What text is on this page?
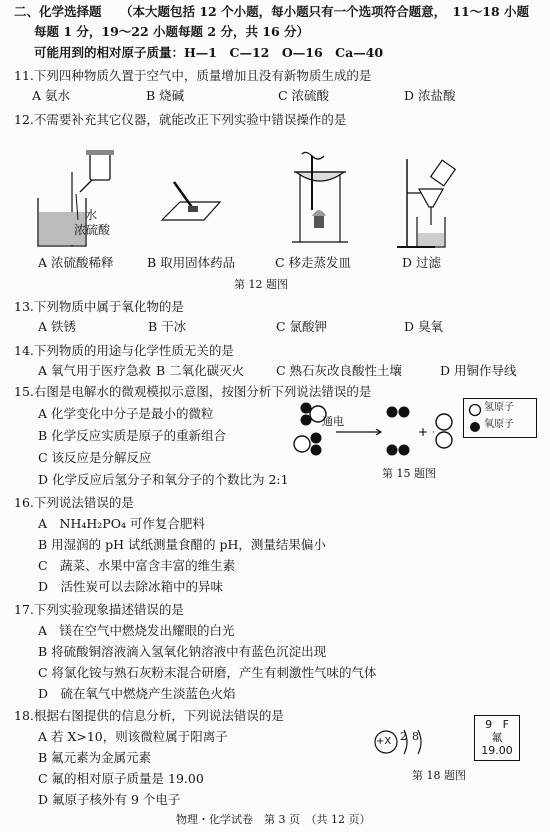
二、化学选择题 （本大题包括 12 个小题，每小题只有一个选项符合题意，　11～18 小题
每题 1 分，19～22 小题每题 2 分，共 16 分）
可能用到的相对原子质量：H—1　C—12　O—16　Ca—40
11.下列四种物质久置于空气中，质量增加且没有新物质生成的是
A 氨水	B 烧碱	C 浓硫酸	D 浓盐酸
12.不需要补充其它仪器，就能改正下列实验中错误操作的是
水
浓硫酸
A 浓硫酸稀释	B 取用固体药品	C 移走蒸发皿	D 过滤
第 12 题图
13.下列物质中属于氧化物的是
A 铁锈	B 干冰	C 氯酸钾	D 臭氧
14.下列物质的用途与化学性质无关的是
A 氧气用于医疗急救 B 二氧化碳灭火	C 熟石灰改良酸性土壤	D 用铜作导线
15.右图是电解水的微观模拟示意图，按图分析下列说法错误的是
A 化学变化中分子是最小的微粒
B 化学反应实质是原子的重新组合
C 该反应是分解反应
D 化学反应后氢分子和氧分子的个数比为 2:1
+ ·
通电
氢原子
氧原子
第 15 题图
16.下列说法错误的是
A　NH₄H₂PO₄ 可作复合肥料
B 用湿润的 pH 试纸测量食醋的 pH，测量结果偏小
C　蔬菜、水果中富含丰富的维生素
D　活性炭可以去除冰箱中的异味
17.下列实验现象描述错误的是
A　镁在空气中燃烧发出耀眼的白光
B 将硫酸铜溶液滴入氢氧化钠溶液中有蓝色沉淀出现
C 将氯化铵与熟石灰粉末混合研磨，产生有刺激性气味的气体
D　硫在氧气中燃烧产生淡蓝色火焰
18.根据右图提供的信息分析，下列说法错误的是
A 若 X>10，则该微粒属于阳离子
B 氟元素为金属元素
C 氟的相对原子质量是 19.00
D 氟原子核外有 9 个电子
+X 2 8
9 F
氟
19.00
第 18 题图
物理・化学试卷　第 3 页　（共 12 页）
